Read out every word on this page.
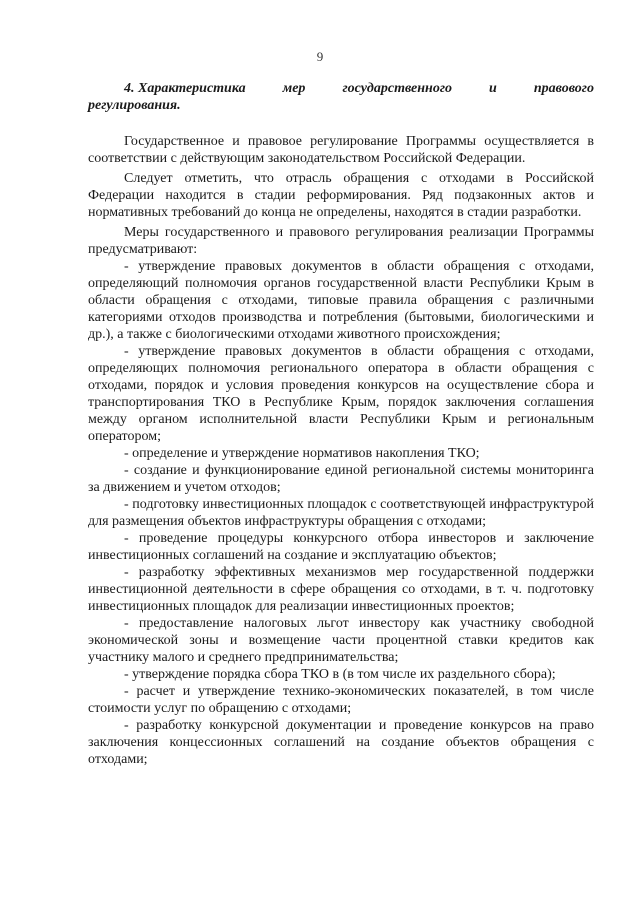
9
4. Характеристика	мер	государственного	и	правового
регулирования.

Государственное и правовое регулирование Программы осуществляется в соответствии с действующим законодательством Российской Федерации.

Следует отметить, что отрасль обращения с отходами в Российской Федерации находится в стадии реформирования. Ряд подзаконных актов и нормативных требований до конца не определены, находятся в стадии разработки.

Меры государственного и правового регулирования реализации Программы предусматривают:

- утверждение правовых документов в области обращения с отходами, определяющий полномочия органов государственной власти Республики Крым в области обращения с отходами, типовые правила обращения с различными категориями отходов производства и потребления (бытовыми, биологическими и др.), а также с биологическими отходами животного происхождения;

- утверждение правовых документов в области обращения с отходами, определяющих полномочия регионального оператора в области обращения с отходами, порядок и условия проведения конкурсов на осуществление сбора и транспортирования ТКО в Республике Крым, порядок заключения соглашения между органом исполнительной власти Республики Крым и региональным оператором;

- определение и утверждение нормативов накопления ТКО;

- создание и функционирование единой региональной системы мониторинга за движением и учетом отходов;

- подготовку инвестиционных площадок с соответствующей инфраструктурой для размещения объектов инфраструктуры обращения с отходами;

- проведение процедуры конкурсного отбора инвесторов и заключение инвестиционных соглашений на создание и эксплуатацию объектов;

- разработку эффективных механизмов мер государственной поддержки инвестиционной деятельности в сфере обращения со отходами, в т. ч. подготовку инвестиционных площадок для реализации инвестиционных проектов;

- предоставление налоговых льгот инвестору как участнику свободной экономической зоны и возмещение части процентной ставки кредитов как участнику малого и среднего предпринимательства;

- утверждение порядка сбора ТКО в (в том числе их раздельного сбора);

- расчет и утверждение технико-экономических показателей, в том числе стоимости услуг по обращению с отходами;

- разработку конкурсной документации и проведение конкурсов на право заключения концессионных соглашений на создание объектов обращения с отходами;
